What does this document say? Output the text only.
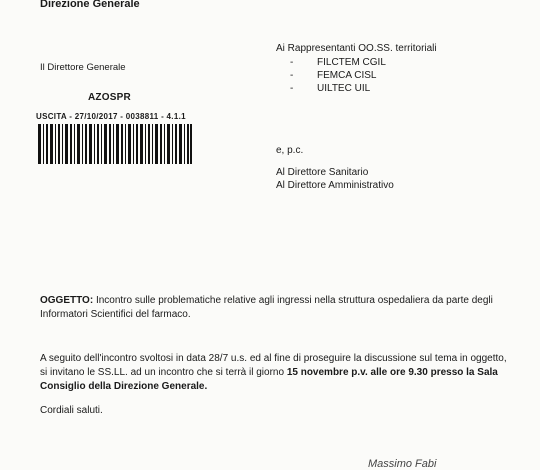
Direzione Generale
Il Direttore Generale
AZOSPR
USCITA - 27/10/2017 - 0038811 - 4.1.1
Ai Rappresentanti OO.SS. territoriali
-	FILCTEM CGIL
-	FEMCA CISL
-	UILTEC UIL
e, p.c.
Al Direttore Sanitario
Al Direttore Amministrativo
OGGETTO: Incontro sulle problematiche relative agli ingressi nella struttura ospedaliera da parte degli Informatori Scientifici del farmaco.
A seguito dell'incontro svoltosi in data 28/7 u.s. ed al fine di proseguire la discussione sul tema in oggetto, si invitano le SS.LL. ad un incontro che si terrà il giorno 15 novembre p.v. alle ore 9.30 presso la Sala Consiglio della Direzione Generale.
Cordiali saluti.
Massimo Fabi
